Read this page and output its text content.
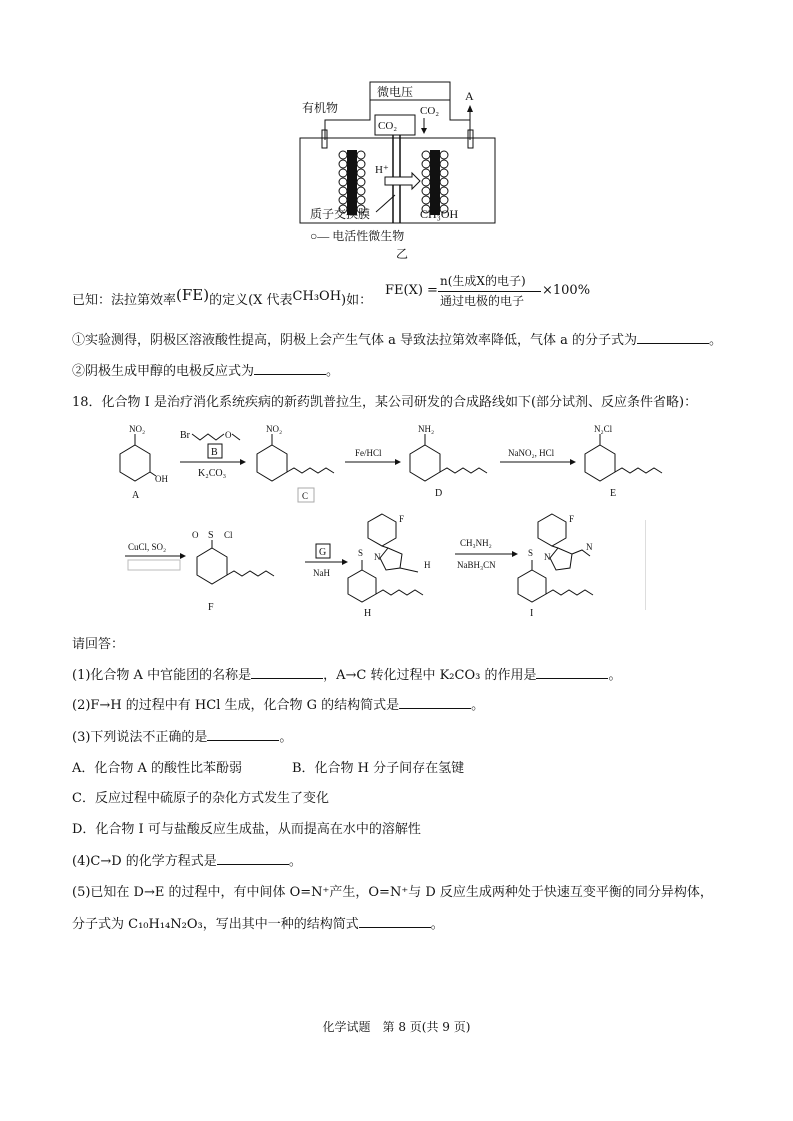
微电压
有机物
CO₂
CO₂
A
H⁺
质子交换膜	CH₃OH
○— 电活性微生物
乙
已知：法拉第效率(FE)的定义(X 代表CH₃OH)如：
FE(X) =
n(生成X的电子)
通过电极的电子
×100%
①实验测得，阴极区溶液酸性提高，阴极上会产生气体 a 导致法拉第效率降低，气体 a 的分子式为	。
②阴极生成甲醇的电极反应式为	。
18．化合物 I 是治疗消化系统疾病的新药凯普拉生，某公司研发的合成路线如下(部分试剂、反应条件省略)：
NO₂
OH
A
Br	O
B
K₂CO₃
NO₂
C
Fe/HCl
NH₂
D
NaNO₂, HCl
N₂Cl
E
CuCl, SO₂
O S Cl
F
G
NaH
F
S N
H
H
CH₃NH₂
NaBH₃CN
F
S N
N
I
请回答：
(1)化合物 A 中官能团的名称是	，A→C 转化过程中 K₂CO₃ 的作用是	。
(2)F→H 的过程中有 HCl 生成，化合物 G 的结构简式是	。
(3)下列说法不正确的是	。
A．化合物 A 的酸性比苯酚弱	B．化合物 H 分子间存在氢键
C．反应过程中硫原子的杂化方式发生了变化
D．化合物 I 可与盐酸反应生成盐，从而提高在水中的溶解性
(4)C→D 的化学方程式是	。
(5)已知在 D→E 的过程中，有中间体 O=N⁺产生，O=N⁺与 D 反应生成两种处于快速互变平衡的同分异构体，
分子式为 C₁₀H₁₄N₂O₃，写出其中一种的结构简式	。
化学试题　第 8 页(共 9 页)
